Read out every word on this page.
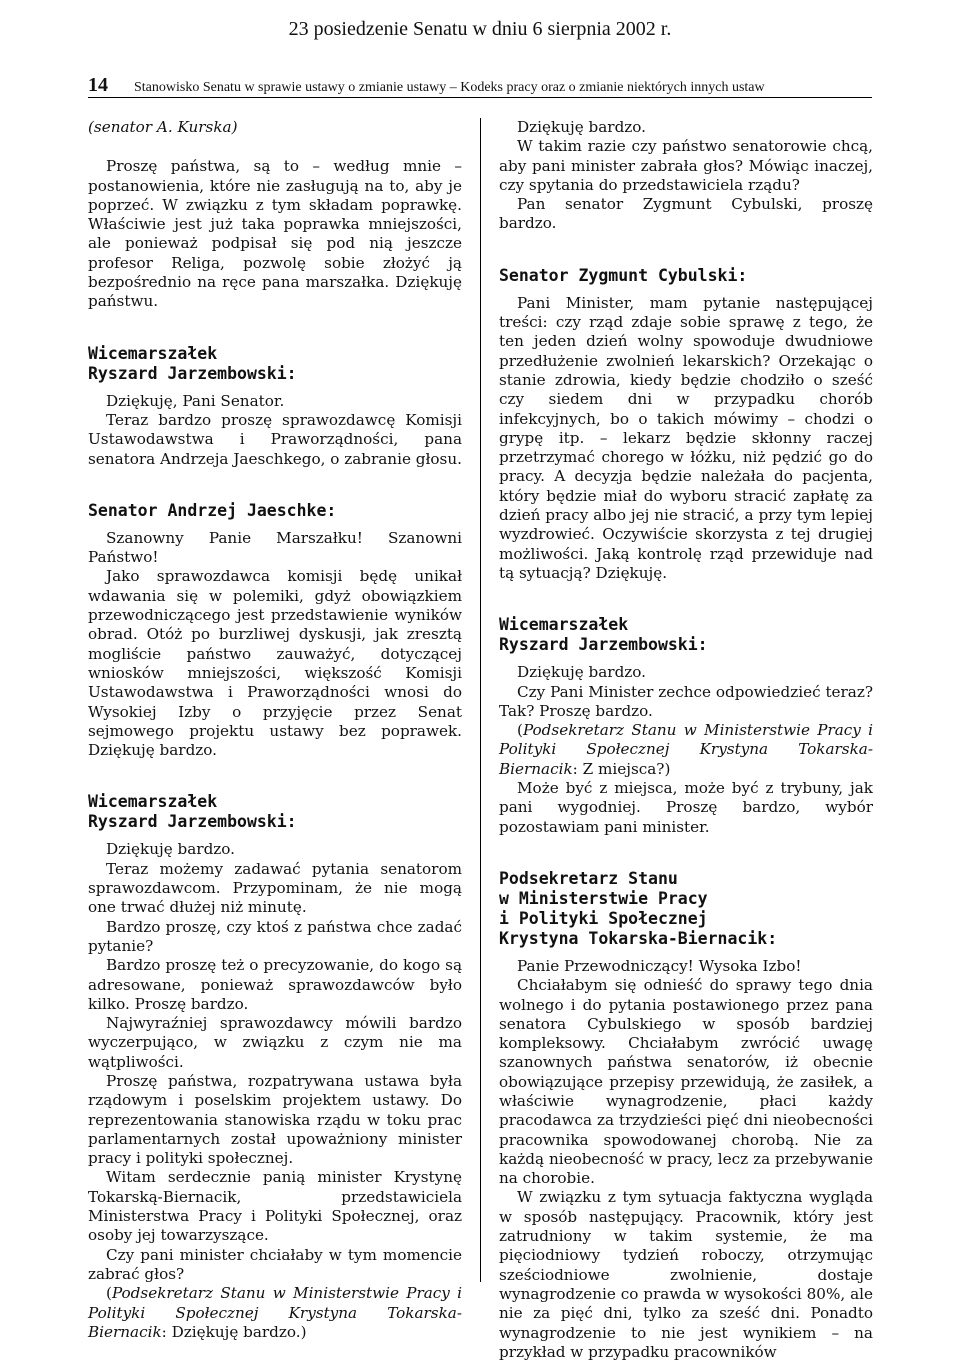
23 posiedzenie Senatu w dniu 6 sierpnia 2002 r.
14	Stanowisko Senatu w sprawie ustawy o zmianie ustawy – Kodeks pracy oraz o zmianie niektórych innych ustaw

(senator A. Kurska)

Proszę państwa, są to – według mnie – postanowienia, które nie zasługują na to, aby je poprzeć. W związku z tym składam poprawkę. Właściwie jest już taka poprawka mniejszości, ale ponieważ podpisał się pod nią jeszcze profesor Religa, pozwolę sobie złożyć ją bezpośrednio na ręce pana marszałka. Dziękuję państwu.

Wicemarszałek
Ryszard Jarzembowski:

Dziękuję, Pani Senator.

Teraz bardzo proszę sprawozdawcę Komisji Ustawodawstwa i Praworządności, pana senatora Andrzeja Jaeschkego, o zabranie głosu.

Senator Andrzej Jaeschke:

Szanowny Panie Marszałku! Szanowni Państwo!

Jako sprawozdawca komisji będę unikał wdawania się w polemiki, gdyż obowiązkiem przewodniczącego jest przedstawienie wyników obrad. Otóż po burzliwej dyskusji, jak zresztą mogliście państwo zauważyć, dotyczącej wniosków mniejszości, większość Komisji Ustawodawstwa i Praworządności wnosi do Wysokiej Izby o przyjęcie przez Senat sejmowego projektu ustawy bez poprawek. Dziękuję bardzo.

Wicemarszałek
Ryszard Jarzembowski:

Dziękuję bardzo.

Teraz możemy zadawać pytania senatorom sprawozdawcom. Przypominam, że nie mogą one trwać dłużej niż minutę.

Bardzo proszę, czy ktoś z państwa chce zadać pytanie?

Bardzo proszę też o precyzowanie, do kogo są adresowane, ponieważ sprawozdawców było kilko. Proszę bardzo.

Najwyraźniej sprawozdawcy mówili bardzo wyczerpująco, w związku z czym nie ma wątpliwości.

Proszę państwa, rozpatrywana ustawa była rządowym i poselskim projektem ustawy. Do reprezentowania stanowiska rządu w toku prac parlamentarnych został upoważniony minister pracy i polityki społecznej.

Witam serdecznie panią minister Krystynę Tokarską-Biernacik, przedstawiciela Ministerstwa Pracy i Polityki Społecznej, oraz osoby jej towarzyszące.

Czy pani minister chciałaby w tym momencie zabrać głos?

(Podsekretarz Stanu w Ministerstwie Pracy i Polityki Społecznej Krystyna Tokarska-Biernacik: Dziękuję bardzo.)

Dziękuję bardzo.

W takim razie czy państwo senatorowie chcą, aby pani minister zabrała głos? Mówiąc inaczej, czy spytania do przedstawiciela rządu?

Pan senator Zygmunt Cybulski, proszę bardzo.

Senator Zygmunt Cybulski:

Pani Minister, mam pytanie następującej treści: czy rząd zdaje sobie sprawę z tego, że ten jeden dzień wolny spowoduje dwudniowe przedłużenie zwolnień lekarskich? Orzekając o stanie zdrowia, kiedy będzie chodziło o sześć czy siedem dni w przypadku chorób infekcyjnych, bo o takich mówimy – chodzi o grypę itp. – lekarz będzie skłonny raczej przetrzymać chorego w łóżku, niż pędzić go do pracy. A decyzja będzie należała do pacjenta, który będzie miał do wyboru stracić zapłatę za dzień pracy albo jej nie stracić, a przy tym lepiej wyzdrowieć. Oczywiście skorzysta z tej drugiej możliwości. Jaką kontrolę rząd przewiduje nad tą sytuacją? Dziękuję.

Wicemarszałek
Ryszard Jarzembowski:

Dziękuję bardzo.

Czy Pani Minister zechce odpowiedzieć teraz? Tak? Proszę bardzo.

(Podsekretarz Stanu w Ministerstwie Pracy i Polityki Społecznej Krystyna Tokarska-Biernacik: Z miejsca?)

Może być z miejsca, może być z trybuny, jak pani wygodniej. Proszę bardzo, wybór pozostawiam pani minister.

Podsekretarz Stanu
w Ministerstwie Pracy
i Polityki Społecznej
Krystyna Tokarska-Biernacik:

Panie Przewodniczący! Wysoka Izbo!

Chciałabym się odnieść do sprawy tego dnia wolnego i do pytania postawionego przez pana senatora Cybulskiego w sposób bardziej kompleksowy. Chciałabym zwrócić uwagę szanownych państwa senatorów, iż obecnie obowiązujące przepisy przewidują, że zasiłek, a właściwie wynagrodzenie, płaci każdy pracodawca za trzydzieści pięć dni nieobecności pracownika spowodowanej chorobą. Nie za każdą nieobecność w pracy, lecz za przebywanie na chorobie.

W związku z tym sytuacja faktyczna wygląda w sposób następujący. Pracownik, który jest zatrudniony w takim systemie, że ma pięciodniowy tydzień roboczy, otrzymując sześciodniowe zwolnienie, dostaje wynagrodzenie co prawda w wysokości 80%, ale nie za pięć dni, tylko za sześć dni. Ponadto wynagrodzenie to nie jest wynikiem – na przykład w przypadku pracowników
